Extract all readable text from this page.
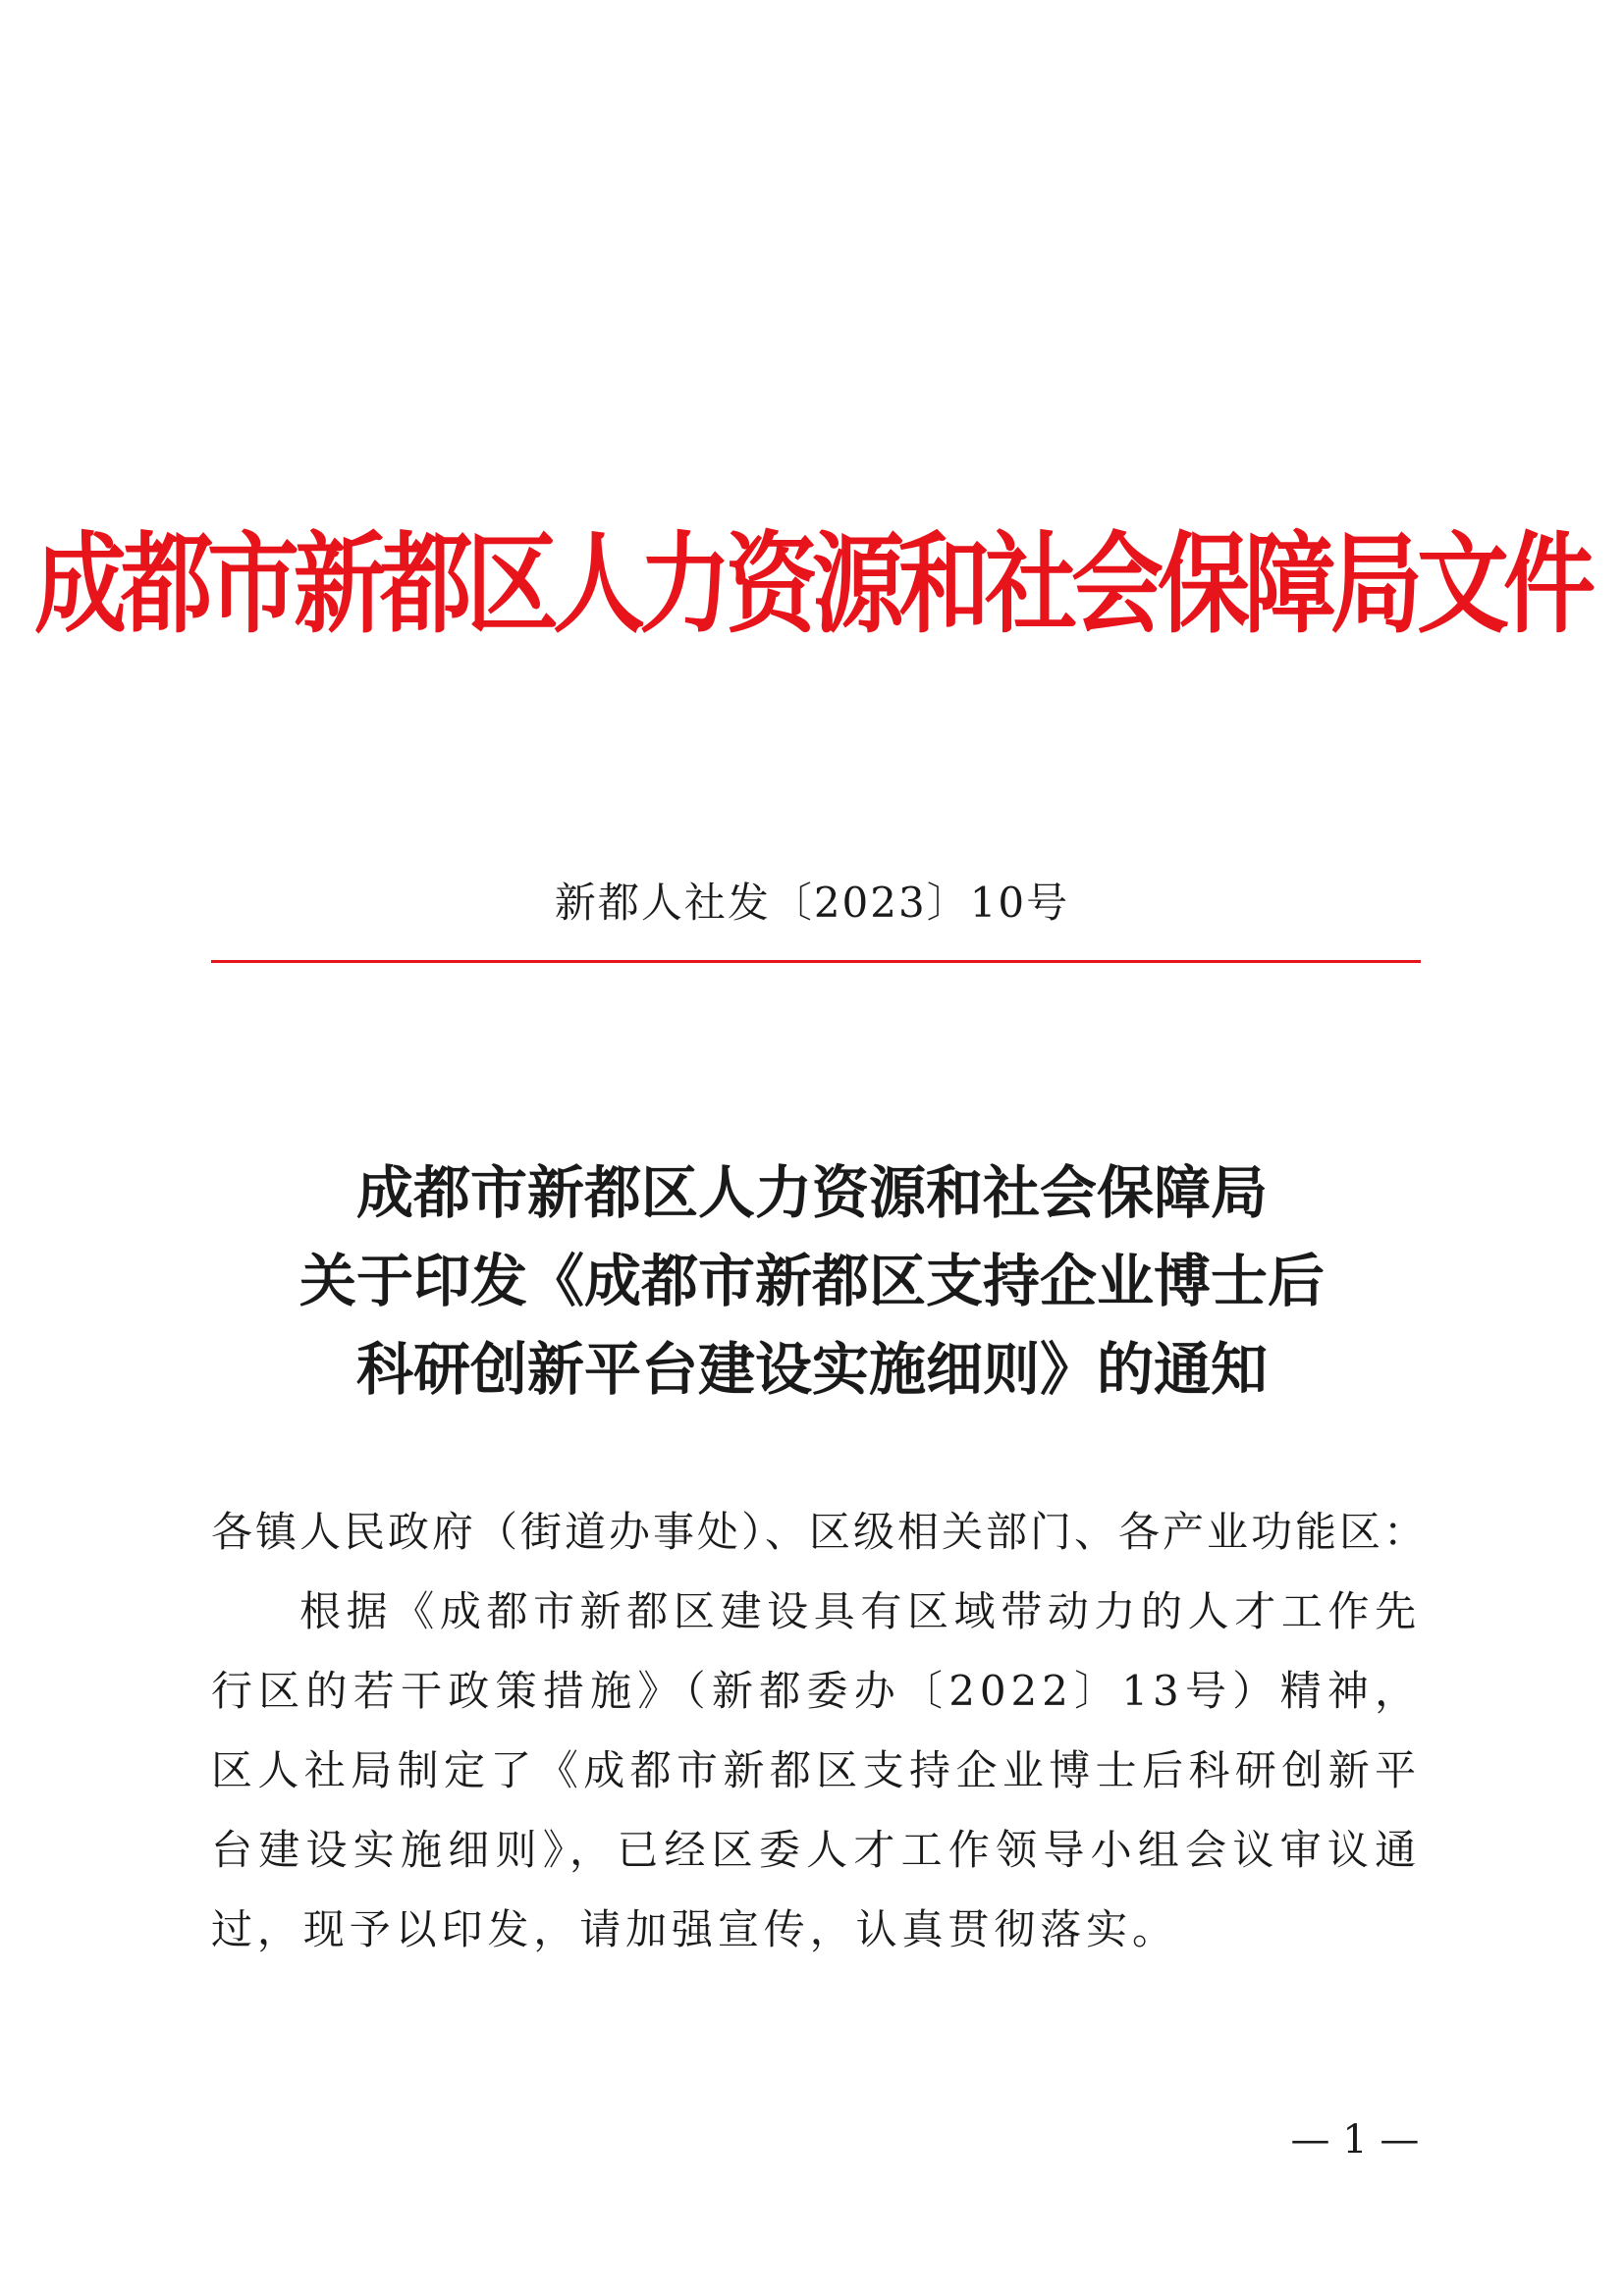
成都市新都区人力资源和社会保障局文件
新都人社发〔2023〕10号
成都市新都区人力资源和社会保障局
关于印发《成都市新都区支持企业博士后
科研创新平台建设实施细则》的通知
各镇人民政府（街道办事处）、区级相关部门、各产业功能区：
根据《成都市新都区建设具有区域带动力的人才工作先行区的若干政策措施》（新都委办〔2022〕13号）精神，区人社局制定了《成都市新都区支持企业博士后科研创新平台建设实施细则》，已经区委人才工作领导小组会议审议通过，现予以印发，请加强宣传，认真贯彻落实。
— 1 —
